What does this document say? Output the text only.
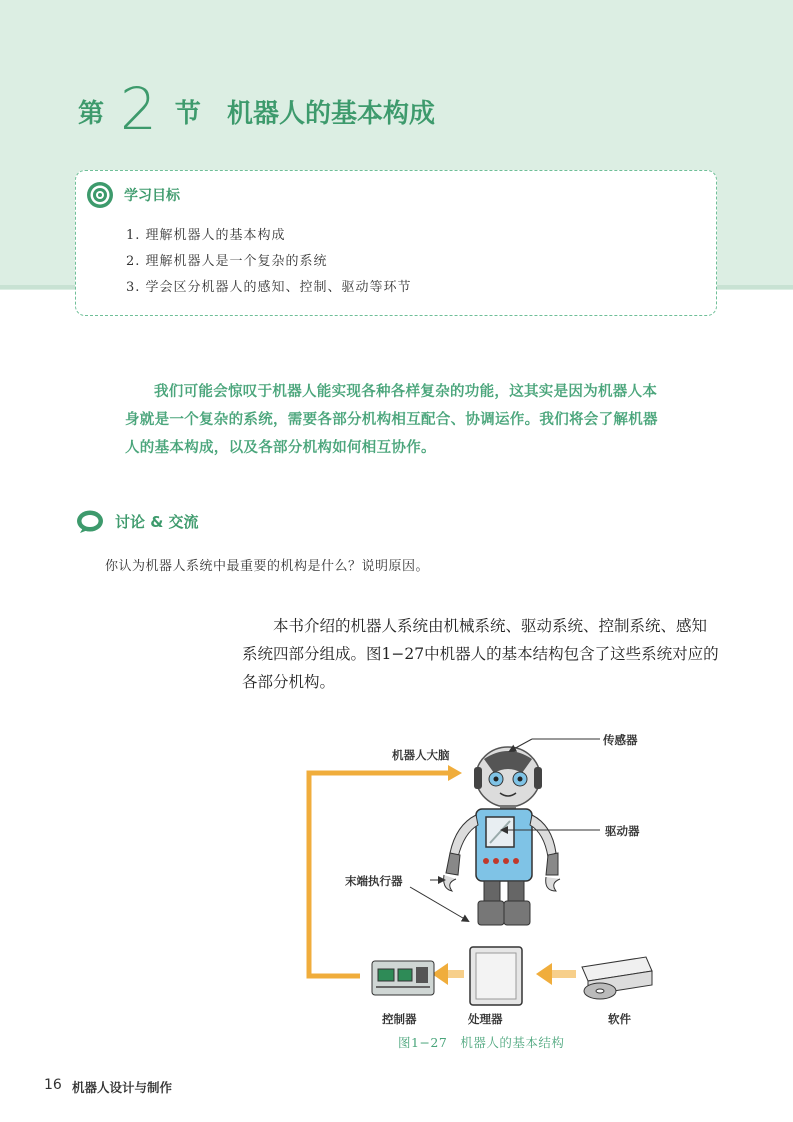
第 2 节 机器人的基本构成
学习目标
1. 理解机器人的基本构成
2. 理解机器人是一个复杂的系统
3. 学会区分机器人的感知、控制、驱动等环节
我们可能会惊叹于机器人能实现各种各样复杂的功能，这其实是因为机器人本身就是一个复杂的系统，需要各部分机构相互配合、协调运作。我们将会了解机器人的基本构成，以及各部分机构如何相互协作。
讨论 & 交流
你认为机器人系统中最重要的机构是什么？说明原因。
本书介绍的机器人系统由机械系统、驱动系统、控制系统、感知系统四部分组成。图1−27中机器人的基本结构包含了这些系统对应的各部分机构。
机器人大脑
传感器
驱动器
末端执行器
控制器	处理器	软件
图1−27　机器人的基本结构
16 机器人设计与制作
